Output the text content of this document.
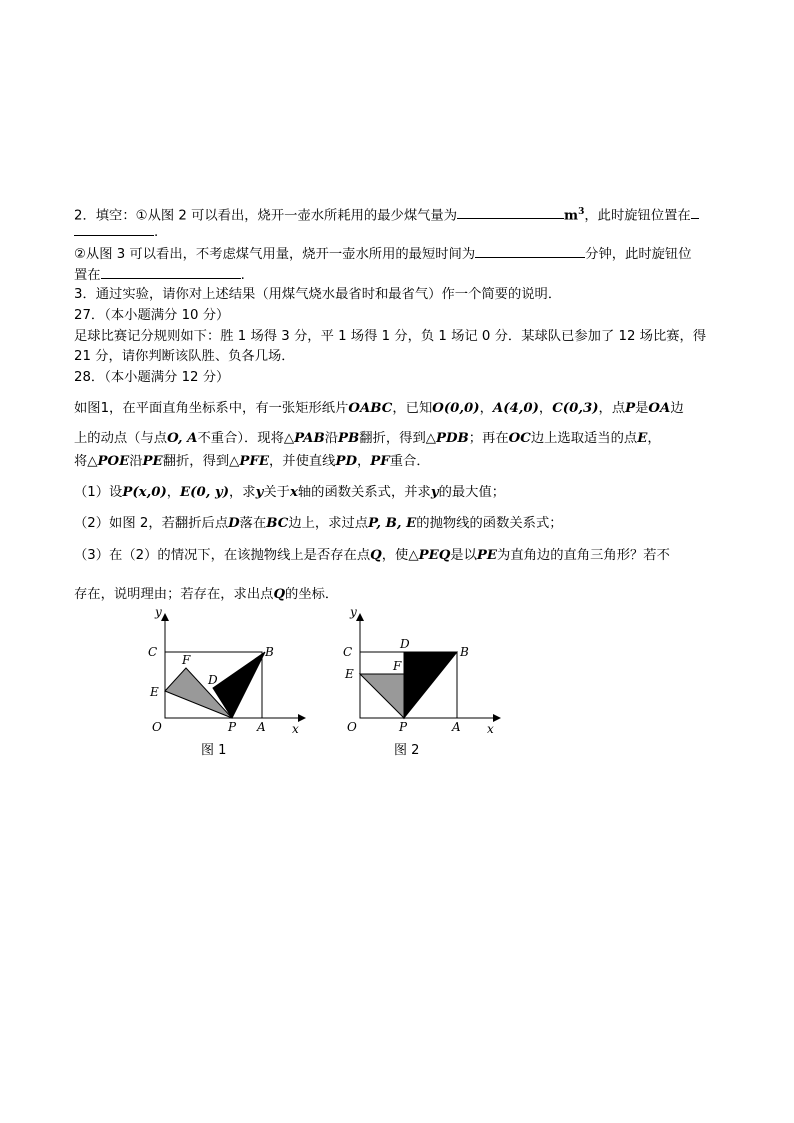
2．填空：①从图 2 可以看出，烧开一壶水所耗用的最少煤气量为	$m^3$，此时旋钮位置在
.
②从图 3 可以看出，不考虑煤气用量，烧开一壶水所用的最短时间为	分钟，此时旋钮位
置在	.
3．通过实验，请你对上述结果（用煤气烧水最省时和最省气）作一个简要的说明．
27．（本小题满分 10 分）
足球比赛记分规则如下：胜 1 场得 3 分，平 1 场得 1 分，负 1 场记 0 分．某球队已参加了 12 场比赛，得
21 分，请你判断该队胜、负各几场．
28．（本小题满分 12 分）
如图1，在平面直角坐标系中，有一张矩形纸片OABC，已知O(0,0)，A(4,0)，C(0,3)，点P是OA边
上的动点（与点O, A不重合）．现将△PAB沿PB翻折，得到△PDB；再在OC边上选取适当的点E，
将△POE沿PE翻折，得到△PFE，并使直线PD，PF重合．
（1）设P(x,0)，E(0, y)，求y关于x轴的函数关系式，并求y的最大值；
（2）如图 2，若翻折后点D落在BC边上，求过点P, B, E的抛物线的函数关系式；
（3）在（2）的情况下，在该抛物线上是否存在点Q，使△PEQ是以PE为直角边的直角三角形？若不
存在，说明理由；若存在，求出点Q的坐标．
y
x
C	B
F
D
E
O	P A
图 1
y
x
C
D
B
F
E
O	P	A
图 2
